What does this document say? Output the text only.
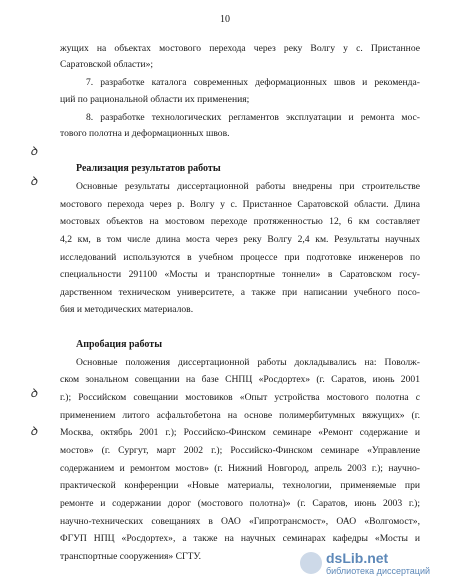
10
жущих на объектах мостового перехода через реку Волгу у с. Пристанное
Саратовской области»;
7. разработке каталога современных деформационных швов и рекоменда-
ций по рациональной области их применения;
8. разработке технологических регламентов эксплуатации и ремонта мос-
тового полотна и деформационных швов.
Реализация результатов работы
Основные результаты диссертационной работы внедрены при строительстве
мостового перехода через р. Волгу у с. Пристанное Саратовской области. Длина
мостовых объектов на мостовом переходе протяженностью 12, 6 км составляет
4,2 км, в том числе длина моста через реку Волгу 2,4 км. Результаты научных
исследований используются в учебном процессе при подготовке инженеров по
специальности 291100 «Мосты и транспортные тоннели» в Саратовском госу-
дарственном техническом университете, а также при написании учебного посо-
бия и методических материалов.
Апробация работы
Основные положения диссертационной работы докладывались на: Поволж-
ском зональном совещании на базе СНПЦ «Росдортех» (г. Саратов, июнь 2001
г.); Российском совещании мостовиков «Опыт устройства мостового полотна с
применением литого асфальтобетона на основе полимербитумных вяжущих» (г.
Москва, октябрь 2001 г.); Российско-Финском семинаре «Ремонт содержание и
мостов» (г. Сургут, март 2002 г.); Российско-Финском семинаре «Управление
содержанием и ремонтом мостов» (г. Нижний Новгород, апрель 2003 г.); научно-
практической конференции «Новые материалы, технологии, применяемые при
ремонте и содержании дорог (мостового полотна)» (г. Саратов, июнь 2003 г.);
научно-технических совещаниях в ОАО «Гипротрансмост», ОАО «Волгомост»,
ФГУП НПЦ «Росдортех», а также на научных семинарах кафедры «Мосты и
транспортные сооружения» СГТУ.
ꝺ
ꝺ
ꝺ
ꝺ
dsLib.net
библиотека диссертаций
